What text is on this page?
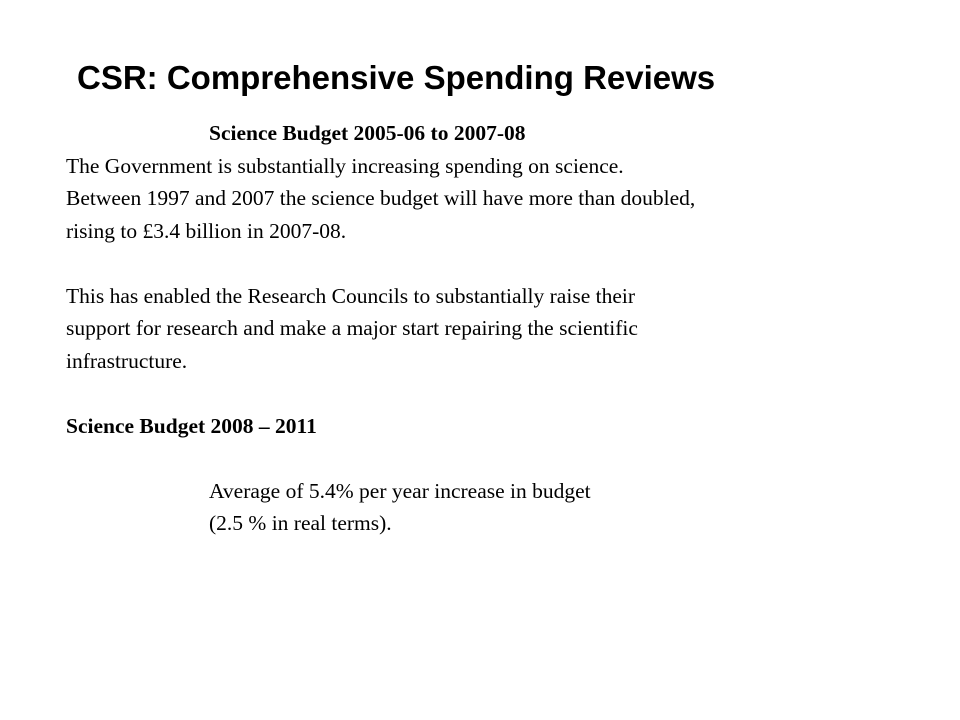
CSR: Comprehensive Spending Reviews
Science Budget 2005-06 to 2007-08
The Government is substantially increasing spending on science.
Between 1997 and 2007 the science budget will have more than doubled,
rising to £3.4 billion in 2007-08.
This has enabled the Research Councils to substantially raise their
support for research and make a major start repairing the scientific
infrastructure.
Science Budget 2008 – 2011
Average of 5.4% per year increase in budget
(2.5 % in real terms).
